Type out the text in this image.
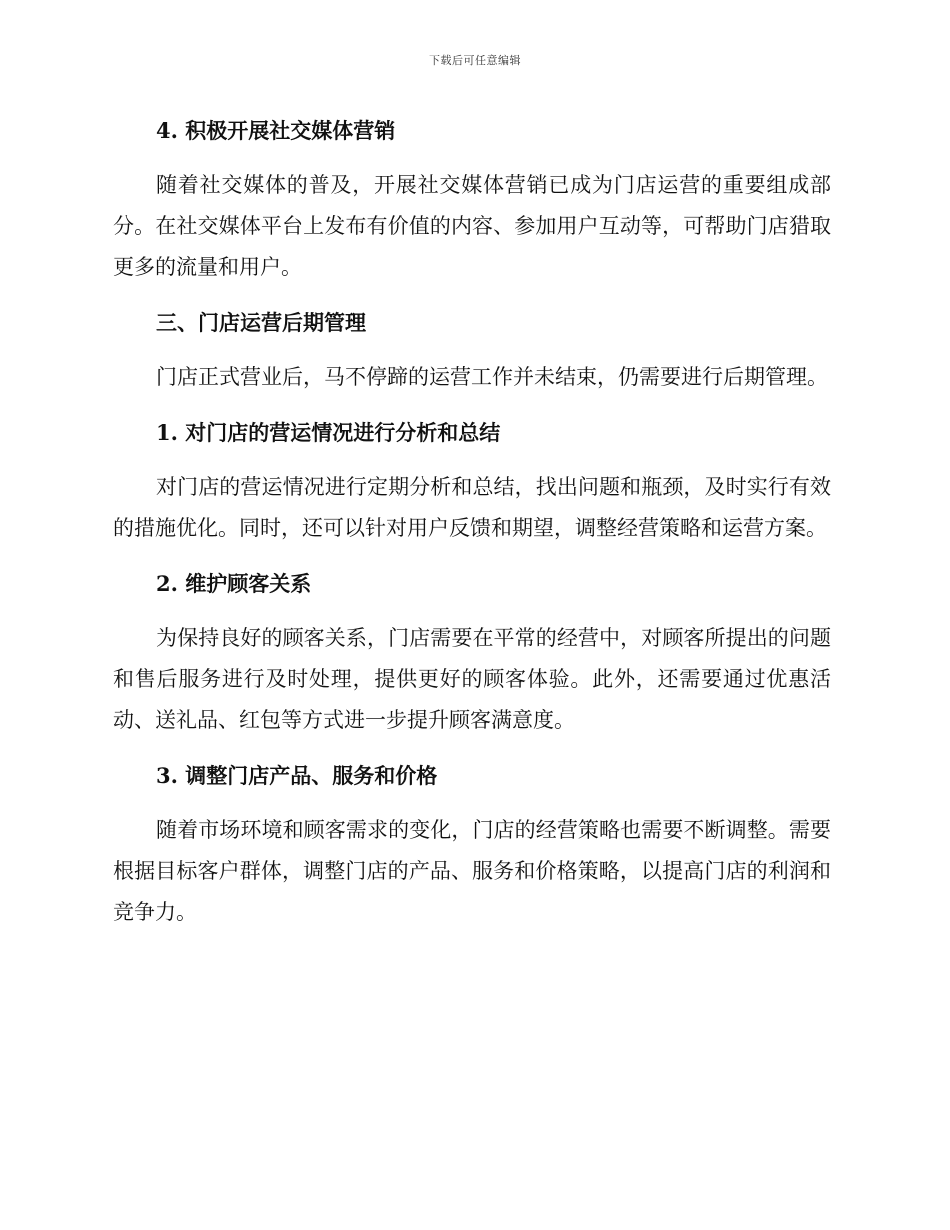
下载后可任意编辑
4. 积极开展社交媒体营销

随着社交媒体的普及，开展社交媒体营销已成为门店运营的重要组成部分。在社交媒体平台上发布有价值的内容、参加用户互动等，可帮助门店猎取更多的流量和用户。

三、门店运营后期管理

门店正式营业后，马不停蹄的运营工作并未结束，仍需要进行后期管理。

1. 对门店的营运情况进行分析和总结

对门店的营运情况进行定期分析和总结，找出问题和瓶颈，及时实行有效的措施优化。同时，还可以针对用户反馈和期望，调整经营策略和运营方案。

2. 维护顾客关系

为保持良好的顾客关系，门店需要在平常的经营中，对顾客所提出的问题和售后服务进行及时处理，提供更好的顾客体验。此外，还需要通过优惠活动、送礼品、红包等方式进一步提升顾客满意度。

3. 调整门店产品、服务和价格

随着市场环境和顾客需求的变化，门店的经营策略也需要不断调整。需要根据目标客户群体，调整门店的产品、服务和价格策略，以提高门店的利润和竞争力。
